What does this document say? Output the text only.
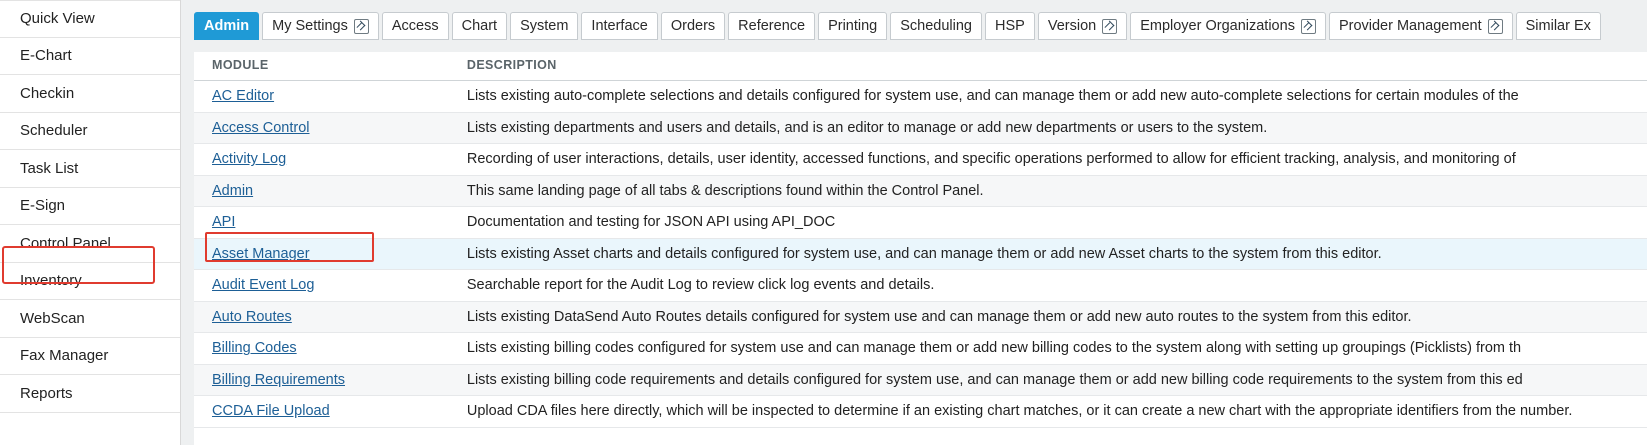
Quick View
E-Chart
Checkin
Scheduler
Task List
E-Sign
Control Panel
Inventory
WebScan
Fax Manager
Reports
Admin My Settings	Access Chart System Interface Orders Reference Printing Scheduling HSP Version	Employer Organizations	Provider Management	Similar Ex
MODULE	DESCRIPTION
AC Editor	Lists existing auto-complete selections and details configured for system use, and can manage them or add new auto-complete selections for certain modules of the
Access Control	Lists existing departments and users and details, and is an editor to manage or add new departments or users to the system.
Activity Log	Recording of user interactions, details, user identity, accessed functions, and specific operations performed to allow for efficient tracking, analysis, and monitoring of
Admin	This same landing page of all tabs & descriptions found within the Control Panel.
API	Documentation and testing for JSON API using API_DOC
Asset Manager	Lists existing Asset charts and details configured for system use, and can manage them or add new Asset charts to the system from this editor.
Audit Event Log	Searchable report for the Audit Log to review click log events and details.
Auto Routes	Lists existing DataSend Auto Routes details configured for system use and can manage them or add new auto routes to the system from this editor.
Billing Codes	Lists existing billing codes configured for system use and can manage them or add new billing codes to the system along with setting up groupings (Picklists) from th
Billing Requirements	Lists existing billing code requirements and details configured for system use, and can manage them or add new billing code requirements to the system from this ed
CCDA File Upload	Upload CDA files here directly, which will be inspected to determine if an existing chart matches, or it can create a new chart with the appropriate identifiers from the number.
